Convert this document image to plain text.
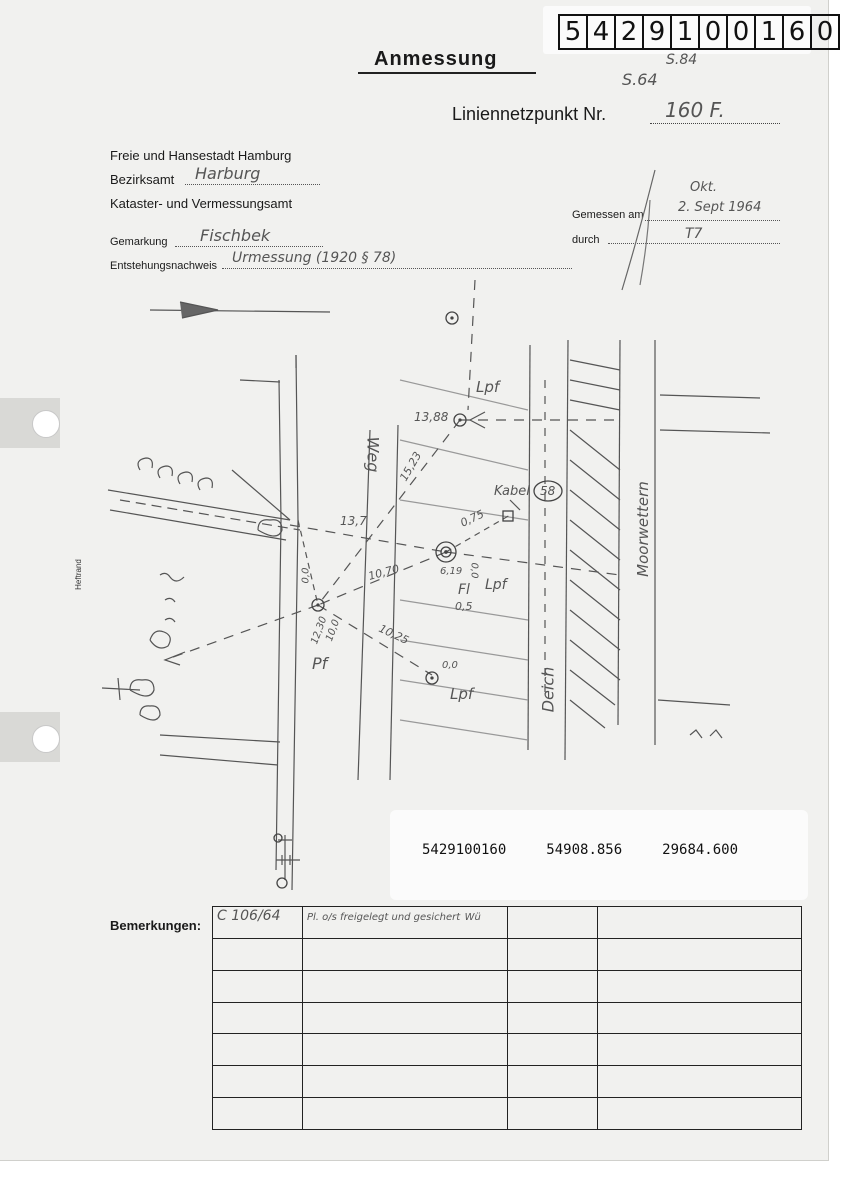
Heftrand
5 4 2 9 1 0 0 1 6 0
Anmessung	S.84
S.64
Liniennetzpunkt Nr.	160 F.
Freie und Hansestadt Hamburg
Bezirksamt Harburg
Kataster- und Vermessungsamt
Gemarkung Fischbek
Entstehungsnachweis Urmessung (1920 § 78)
Gemessen am
Okt.
2. Sept 1964
durch	T7
Weg
Deich
Moorwettern
Kabel 58
Pf
Lpf
Lpf
Lpf
Fl
13,88
13,7
10,70
10,25
15,23
0,75
0,0
0,0
0,5
6,19
0,0
12,30
10,0
5429100160	54908.856	29684.600
Bemerkungen:
C 106/64	Pl. o/s freigelegt und gesichert Wü		
